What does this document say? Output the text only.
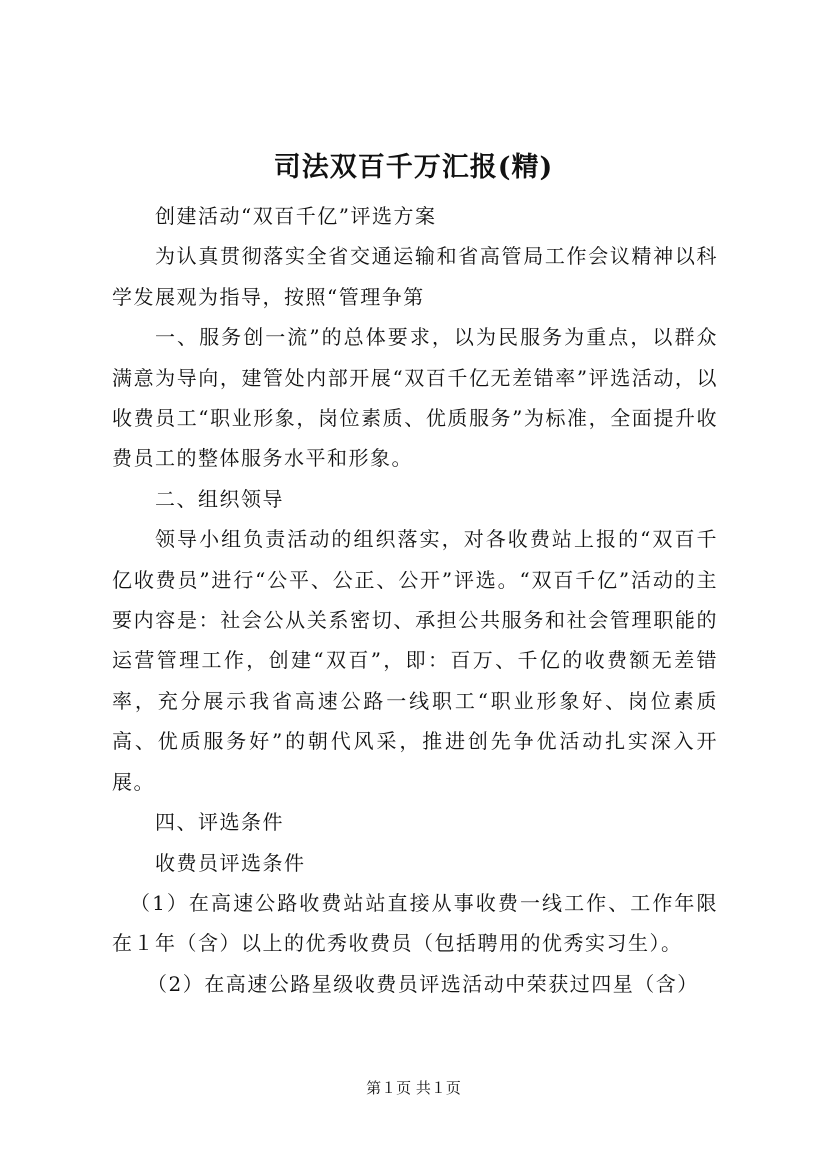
司法双百千万汇报(精)

创建活动“双百千亿”评选方案

为认真贯彻落实全省交通运输和省高管局工作会议精神以科学发展观为指导，按照“管理争第

一、服务创一流”的总体要求，以为民服务为重点，以群众满意为导向，建管处内部开展“双百千亿无差错率”评选活动，以收费员工“职业形象，岗位素质、优质服务”为标准，全面提升收费员工的整体服务水平和形象。

二、组织领导

领导小组负责活动的组织落实，对各收费站上报的“双百千亿收费员”进行“公平、公正、公开”评选。“双百千亿”活动的主要内容是：社会公从关系密切、承担公共服务和社会管理职能的运营管理工作，创建“双百”，即：百万、千亿的收费额无差错率，充分展示我省高速公路一线职工“职业形象好、岗位素质高、优质服务好”的朝代风采，推进创先争优活动扎实深入开展。

四、评选条件

收费员评选条件

（1）在高速公路收费站站直接从事收费一线工作、工作年限在１年（含）以上的优秀收费员（包括聘用的优秀实习生）。

（2）在高速公路星级收费员评选活动中荣获过四星（含）

第１页 共１页
